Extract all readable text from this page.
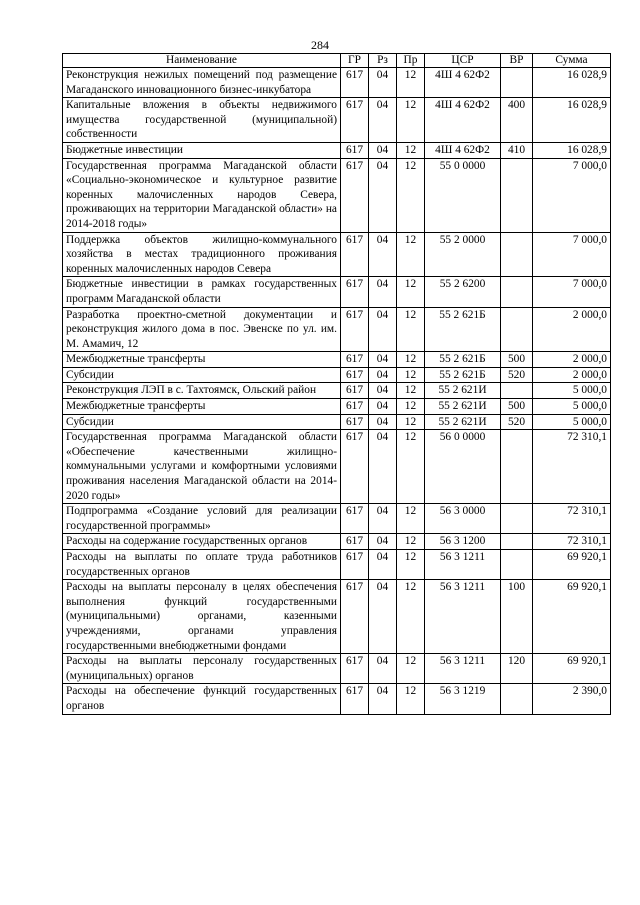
284
Наименование	ГР	Рз	Пр	ЦСР	ВР	Сумма
Реконструкция нежилых помещений под размещение Магаданского инновационного бизнес-инкубатора	617	04	12	4Ш 4 62Ф2		16 028,9
Капитальные вложения в объекты недвижимого имущества государственной (муниципальной) собственности	617	04	12	4Ш 4 62Ф2	400	16 028,9
Бюджетные инвестиции	617	04	12	4Ш 4 62Ф2	410	16 028,9
Государственная программа Магаданской области «Социально-экономическое и культурное развитие коренных малочисленных народов Севера, проживающих на территории Магаданской области» на 2014-2018 годы»	617	04	12	55 0 0000		7 000,0
Поддержка объектов жилищно-коммунального хозяйства в местах традиционного проживания коренных малочисленных народов Севера	617	04	12	55 2 0000		7 000,0
Бюджетные инвестиции в рамках государственных программ Магаданской области	617	04	12	55 2 6200		7 000,0
Разработка проектно-сметной документации и реконструкция жилого дома в пос. Эвенске по ул. им. М. Амамич, 12	617	04	12	55 2 621Б		2 000,0
Межбюджетные трансферты	617	04	12	55 2 621Б	500	2 000,0
Субсидии	617	04	12	55 2 621Б	520	2 000,0
Реконструкция ЛЭП в с. Тахтоямск, Ольский район	617	04	12	55 2 621И		5 000,0
Межбюджетные трансферты	617	04	12	55 2 621И	500	5 000,0
Субсидии	617	04	12	55 2 621И	520	5 000,0
Государственная программа Магаданской области «Обеспечение качественными жилищно-коммунальными услугами и комфортными условиями проживания населения Магаданской области на 2014-2020 годы»	617	04	12	56 0 0000		72 310,1
Подпрограмма «Создание условий для реализации государственной программы»	617	04	12	56 3 0000		72 310,1
Расходы на содержание государственных органов	617	04	12	56 3 1200		72 310,1
Расходы на выплаты по оплате труда работников государственных органов	617	04	12	56 3 1211		69 920,1
Расходы на выплаты персоналу в целях обеспечения выполнения функций государственными (муниципальными) органами, казенными учреждениями, органами управления государственными внебюджетными фондами	617	04	12	56 3 1211	100	69 920,1
Расходы на выплаты персоналу государственных (муниципальных) органов	617	04	12	56 3 1211	120	69 920,1
Расходы на обеспечение функций государственных органов	617	04	12	56 3 1219		2 390,0
